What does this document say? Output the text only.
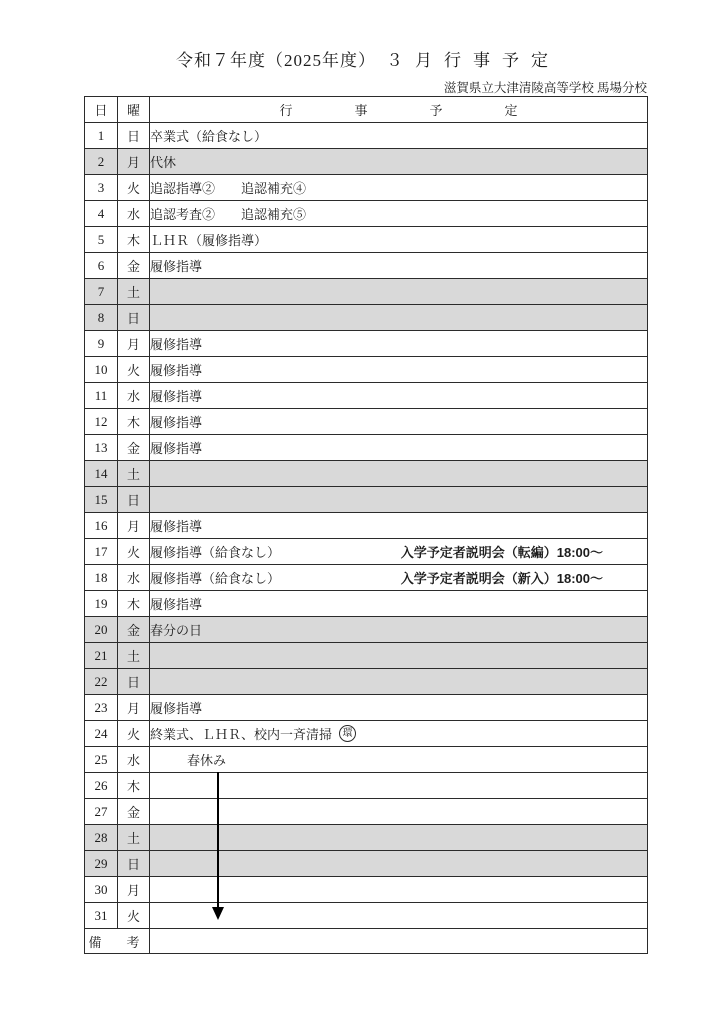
令和７年度（2025年度） ３月行事予定
滋賀県立大津清陵高等学校 馬場分校
日	曜	行事予定

1	日	卒業式（給食なし）

2	月	代休

3	火	追認指導②　　追認補充④

4	水	追認考査②　　追認補充⑤

5	木	ＬＨＲ（履修指導）

6	金	履修指導

7	土	

8	日	

9	月	履修指導

10	火	履修指導

11	水	履修指導

12	木	履修指導

13	金	履修指導

14	土	

15	日	

16	月	履修指導

17	火	履修指導（給食なし） 入学予定者説明会（転編）18:00～

18	水	履修指導（給食なし） 入学予定者説明会（新入）18:00～

19	木	履修指導

20	金	春分の日

21	土	

22	日	

23	月	履修指導

24	火	終業式、ＬＨＲ、校内一斉清掃 環

25	水	春休み

26	木	

27	金	

28	土	

29	日	

30	月	

31	火	

備　考		
